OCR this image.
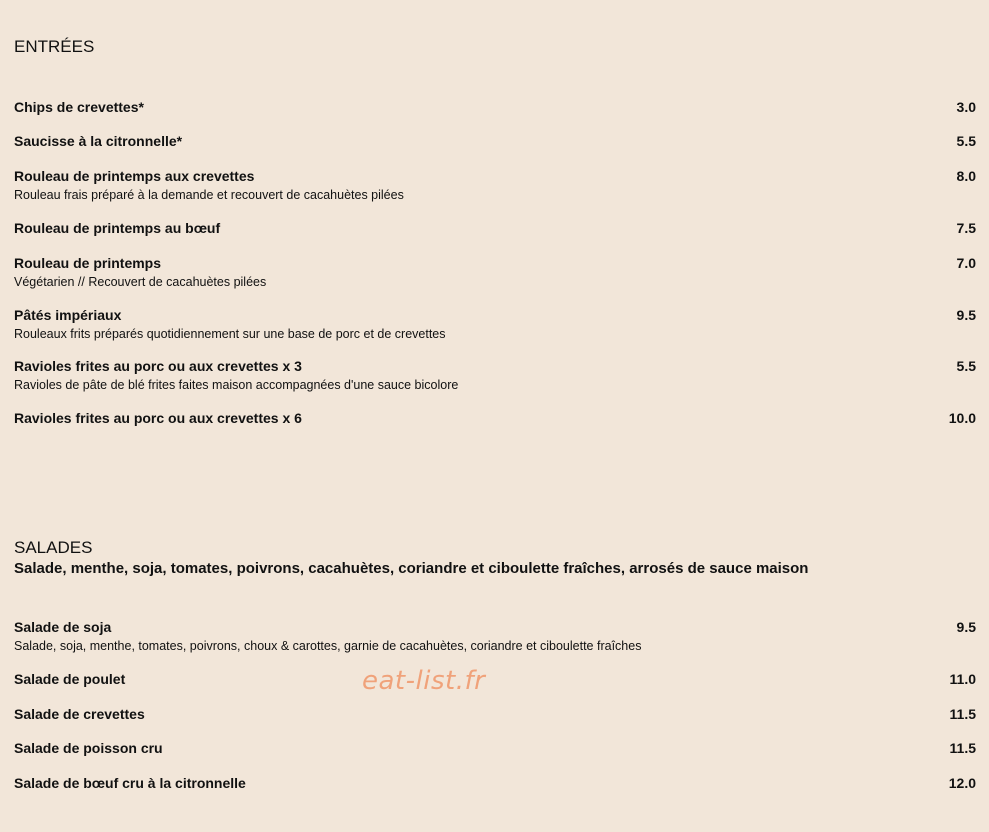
ENTRÉES
Chips de crevettes*	3.0
Saucisse à la citronnelle*	5.5
Rouleau de printemps aux crevettes	8.0
Rouleau frais préparé à la demande et recouvert de cacahuètes pilées
Rouleau de printemps au bœuf	7.5
Rouleau de printemps	7.0
Végétarien // Recouvert de cacahuètes pilées
Pâtés impériaux	9.5
Rouleaux frits préparés quotidiennement sur une base de porc et de crevettes
Ravioles frites au porc ou aux crevettes x 3	5.5
Ravioles de pâte de blé frites faites maison accompagnées d'une sauce bicolore
Ravioles frites au porc ou aux crevettes x 6	10.0
SALADES
Salade, menthe, soja, tomates, poivrons, cacahuètes, coriandre et ciboulette fraîches, arrosés de sauce maison
Salade de soja	9.5
Salade, soja, menthe, tomates, poivrons, choux & carottes, garnie de cacahuètes, coriandre et ciboulette fraîches
Salade de poulet	11.0
Salade de crevettes	11.5
Salade de poisson cru	11.5
Salade de bœuf cru à la citronnelle	12.0
eat-list.fr
